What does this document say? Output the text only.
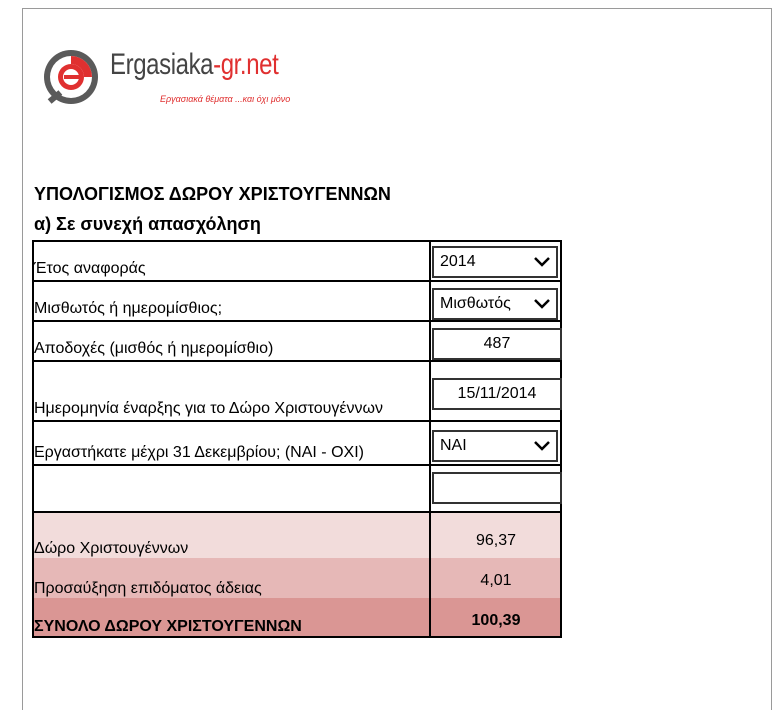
Ergasiaka-gr.net
Εργασιακά θέματα ...και όχι μόνο
ΥΠΟΛΟΓΙΣΜΟΣ ΔΩΡΟΥ ΧΡΙΣΤΟΥΓΕΝΝΩΝ
α) Σε συνεχή απασχόληση
Έτος αναφοράς
Μισθωτός ή ημερομίσθιος;
Αποδοχές (μισθός ή ημερομίσθιο)
Ημερομηνία έναρξης για το Δώρο Χριστουγέννων
Εργαστήκατε μέχρι 31 Δεκεμβρίου; (ΝΑΙ - ΟΧΙ)
Δώρο Χριστουγέννων
Προσαύξηση επιδόματος άδειας
ΣΥΝΟΛΟ ΔΩΡΟΥ ΧΡΙΣΤΟΥΓΕΝΝΩΝ
2014
Μισθωτός
487
15/11/2014
ΝΑΙ
96,37
4,01
100,39
